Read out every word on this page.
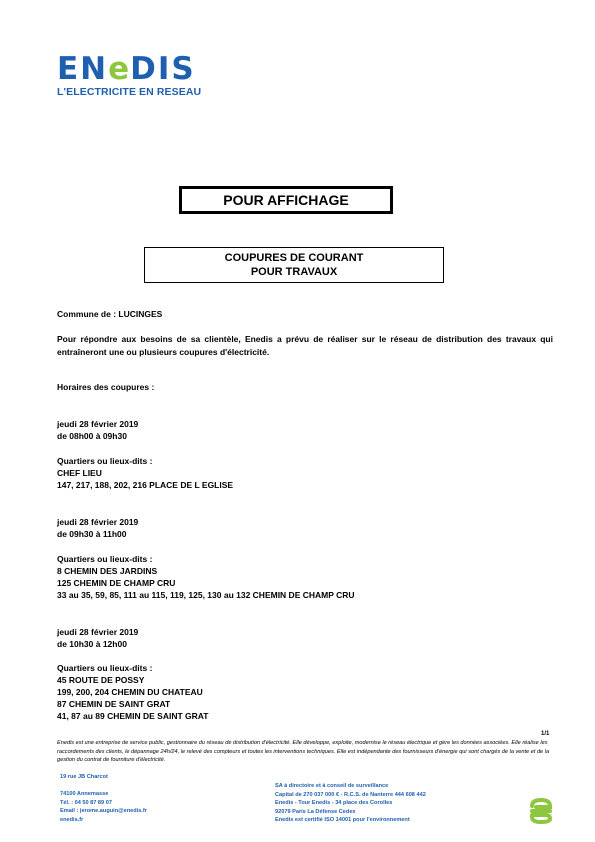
ENeDIS
L'ELECTRICITE EN RESEAU
POUR AFFICHAGE
COUPURES DE COURANT
POUR TRAVAUX
Commune de : LUCINGES
Pour répondre aux besoins de sa clientèle, Enedis a prévu de réaliser sur le réseau de distribution des travaux qui entraîneront une ou plusieurs coupures d'électricité.
Horaires des coupures :
jeudi 28 février 2019
de 08h00 à 09h30
Quartiers ou lieux-dits :
CHEF LIEU
147, 217, 188, 202, 216 PLACE DE L EGLISE
jeudi 28 février 2019
de 09h30 à 11h00
Quartiers ou lieux-dits :
8 CHEMIN DES JARDINS
125 CHEMIN DE CHAMP CRU
33 au 35, 59, 85, 111 au 115, 119, 125, 130 au 132 CHEMIN DE CHAMP CRU
jeudi 28 février 2019
de 10h30 à 12h00
Quartiers ou lieux-dits :
45 ROUTE DE POSSY
199, 200, 204 CHEMIN DU CHATEAU
87 CHEMIN DE SAINT GRAT
41, 87 au 89 CHEMIN DE SAINT GRAT
1/1
Enedis est une entreprise de service public, gestionnaire du réseau de distribution d'électricité. Elle développe, exploite, modernise le réseau électrique et gère les données associées. Elle réalise les raccordements des clients, le dépannage 24h/24, le relevé des compteurs et toutes les interventions techniques. Elle est indépendante des fournisseurs d'énergie qui sont chargés de la vente et de la gestion du contrat de fourniture d'électricité.
19 rue JB Charcot
74100 Annemasse
Tél. : 04 50 87 89 07
Email : jerome.auguin@enedis.fr
enedis.fr
SA à directoire et à conseil de surveillance
Capital de 270 037 000 € - R.C.S. de Nanterre 444 608 442
Enedis - Tour Enedis - 34 place des Corolles
92079 Paris La Défense Cedex
Enedis est certifié ISO 14001 pour l'environnement
